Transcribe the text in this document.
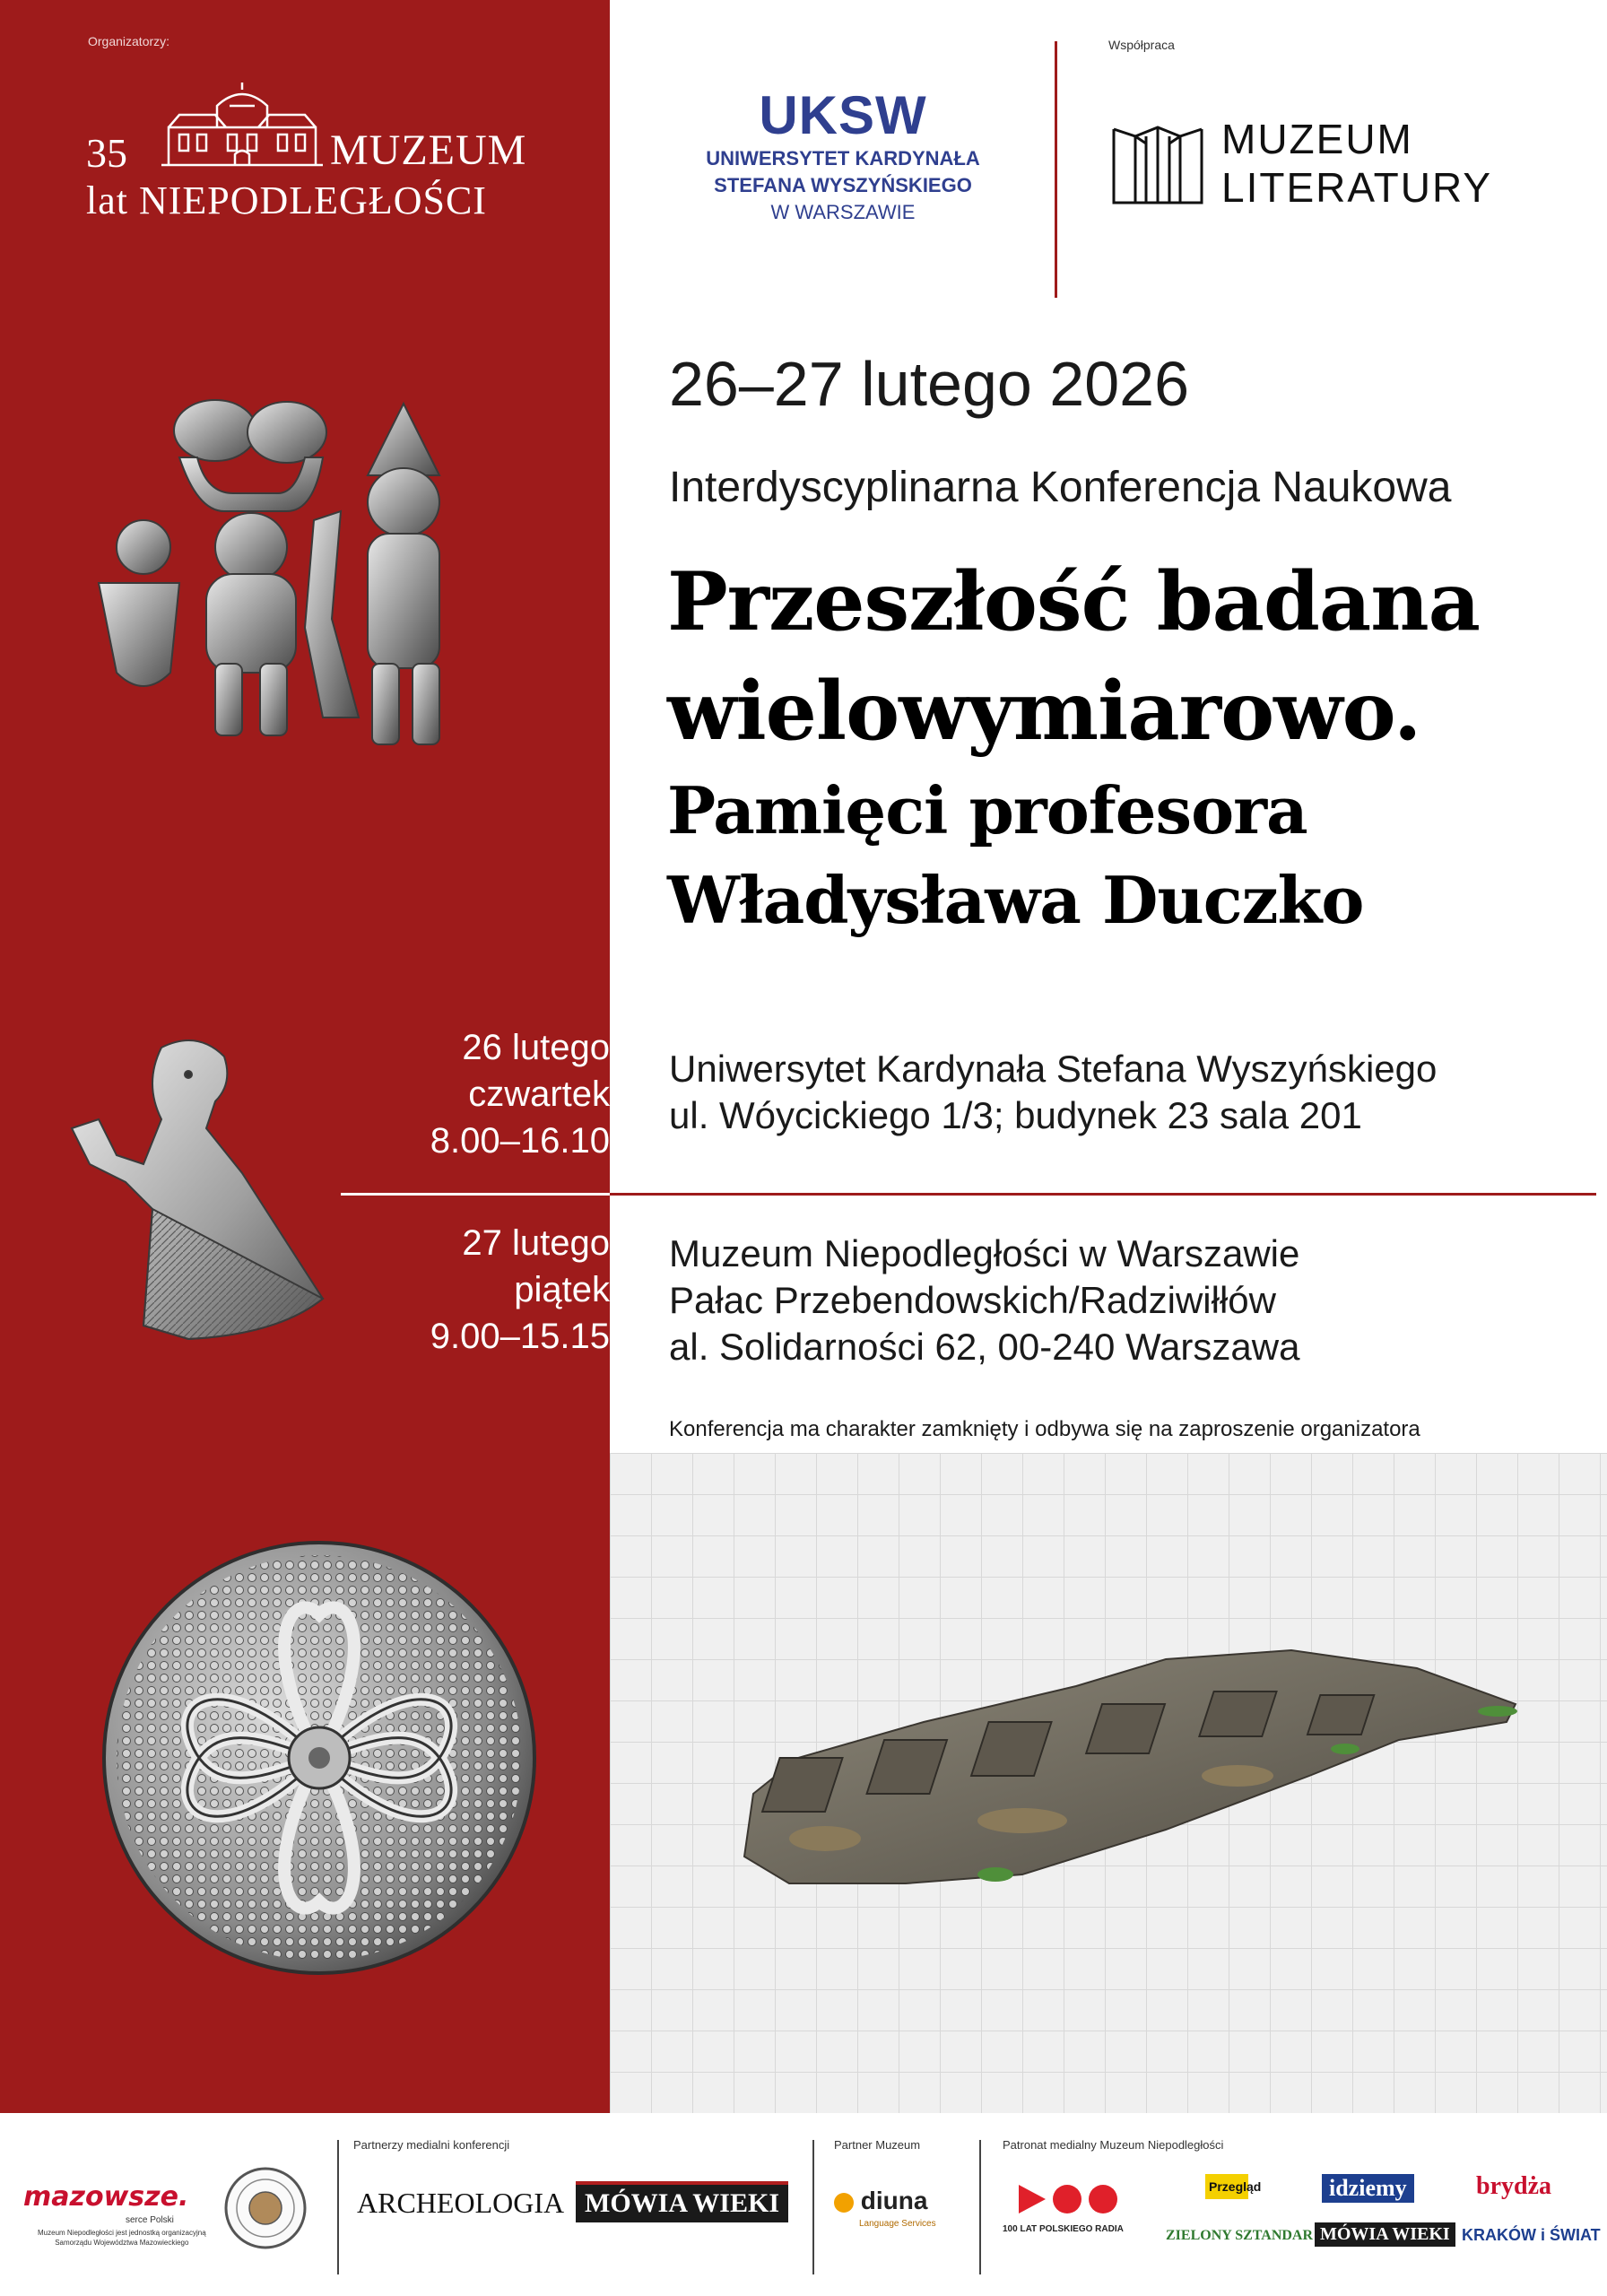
Organizatorzy:
35	MUZEUM
lat NIEPODLEGŁOŚCI
26 lutego
czwartek
8.00–16.10
27 lutego
piątek
9.00–15.15
UKSW
UNIWERSYTET KARDYNAŁA
STEFANA WYSZYŃSKIEGO
W WARSZAWIE
Współpraca
MUZEUM
LITERATURY
26–27 lutego 2026
Interdyscyplinarna Konferencja Naukowa
Przeszłość badana
wielowymiarowo.
Pamięci profesora
Władysława Duczko
Uniwersytet Kardynała Stefana Wyszyńskiego
ul. Wóycickiego 1/3; budynek 23 sala 201
Muzeum Niepodległości w Warszawie
Pałac Przebendowskich/Radziwiłłów
al. Solidarności 62, 00-240 Warszawa
Konferencja ma charakter zamknięty i odbywa się na zaproszenie organizatora
mazowsze.
serce Polski
Muzeum Niepodległości jest jednostką organizacyjną
Samorządu Województwa Mazowieckiego
Partnerzy medialni konferencji
ARCHEOLOGIA MÓWIA WIEKI
Partner Muzeum
diuna
Language Services
Patronat medialny Muzeum Niepodległości
100 LAT POLSKIEGO RADIA
Przegląd
ZIELONY SZTANDAR
idziemy
MÓWIA WIEKI
brydża
KRAKÓW i ŚWIAT
